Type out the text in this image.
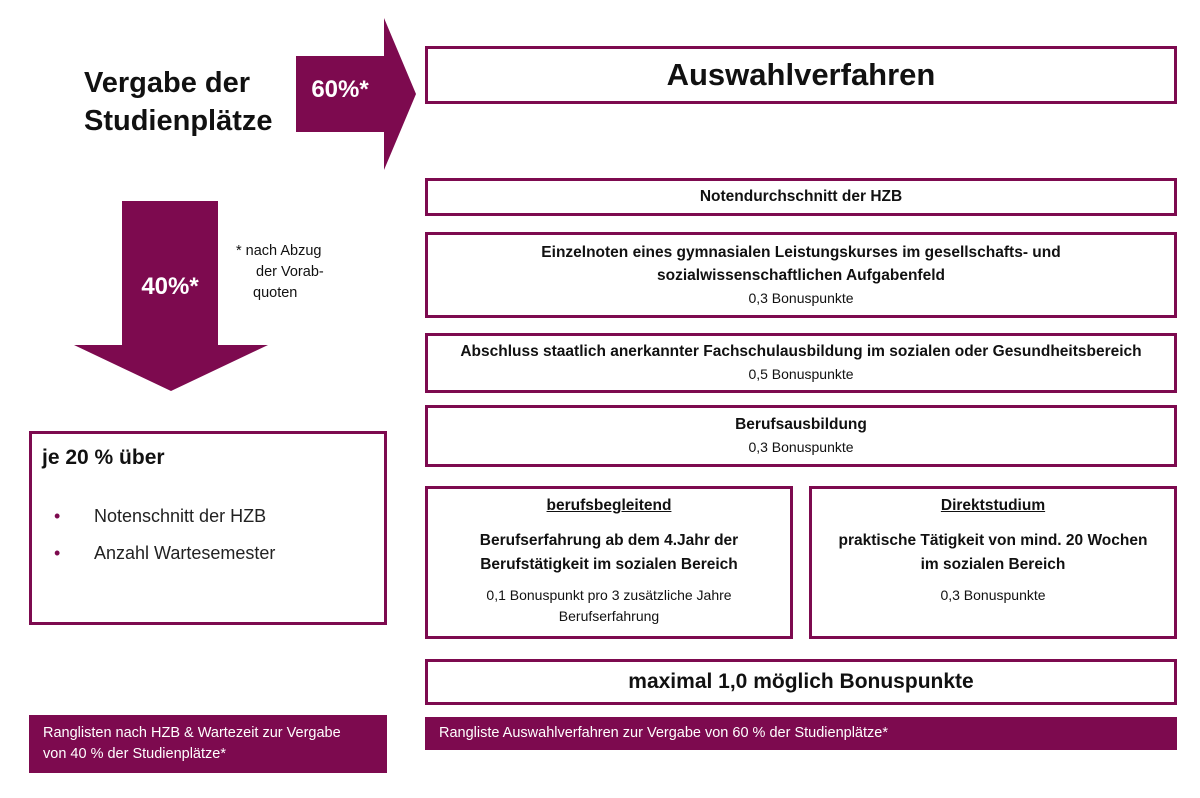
Vergabe der
Studienplätze
60%*
40%*
* nach Abzug
der Vorab-
quoten
je 20 % über
• Notenschnitt der HZB
• Anzahl Wartesemester
Ranglisten nach HZB & Wartezeit zur Vergabe
von 40 % der Studienplätze*
Auswahlverfahren
Notendurchschnitt der HZB
Einzelnoten eines gymnasialen Leistungskurses im gesellschafts- und
sozialwissenschaftlichen Aufgabenfeld
0,3 Bonuspunkte
Abschluss staatlich anerkannter Fachschulausbildung im sozialen oder Gesundheitsbereich
0,5 Bonuspunkte
Berufsausbildung
0,3 Bonuspunkte
berufsbegleitend
Berufserfahrung ab dem 4.Jahr der
Berufstätigkeit im sozialen Bereich
0,1 Bonuspunkt pro 3 zusätzliche Jahre
Berufserfahrung
Direktstudium
praktische Tätigkeit von mind. 20 Wochen
im sozialen Bereich
0,3 Bonuspunkte
maximal 1,0 möglich Bonuspunkte
Rangliste Auswahlverfahren zur Vergabe von 60 % der Studienplätze*
